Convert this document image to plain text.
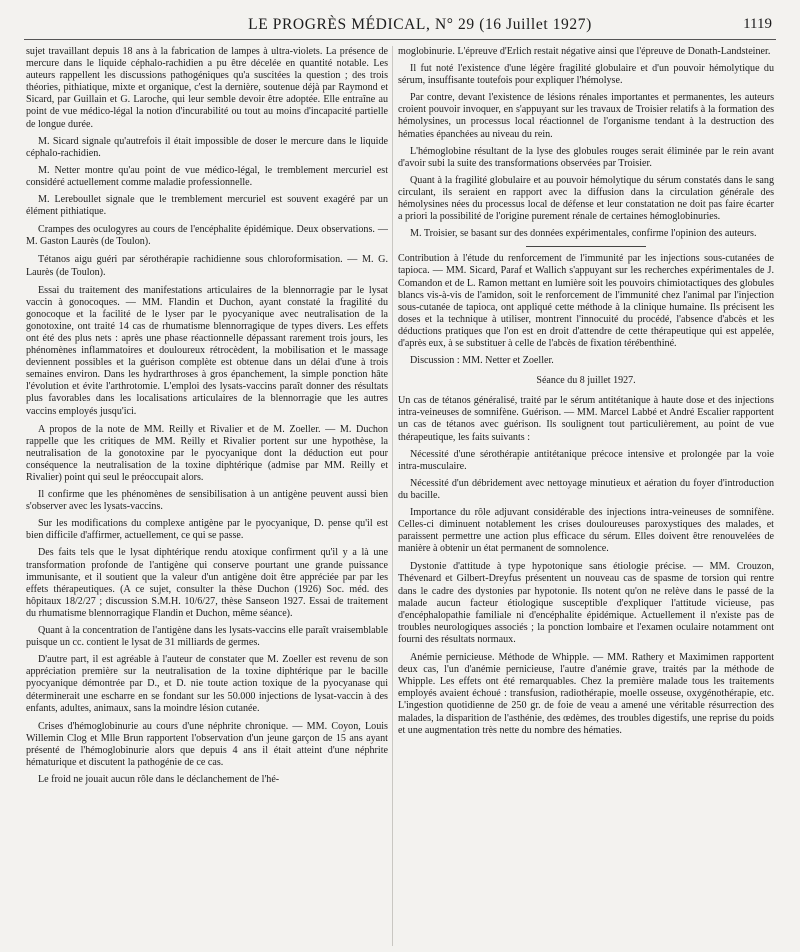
LE PROGRÈS MÉDICAL, N° 29 (16 Juillet 1927)	1119

sujet travaillant depuis 18 ans à la fabrication de lampes à ultra-violets. La présence de mercure dans le liquide céphalo-rachidien a pu être décelée en quantité notable. Les auteurs rappellent les discussions pathogéniques qu'a suscitées la question ; des trois théories, pithiatique, mixte et organique, c'est la dernière, soutenue déjà par Raymond et Sicard, par Guillain et G. Laroche, qui leur semble devoir être adoptée. Elle entraîne au point de vue médico-légal la notion d'incurabilité ou tout au moins d'incapacité partielle de longue durée.

M. Sicard signale qu'autrefois il était impossible de doser le mercure dans le liquide céphalo-rachidien.

M. Netter montre qu'au point de vue médico-légal, le tremblement mercuriel est considéré actuellement comme maladie professionnelle.

M. Lereboullet signale que le tremblement mercuriel est souvent exagéré par un élément pithiatique.

Crampes des oculogyres au cours de l'encéphalite épidémique. Deux observations. — M. Gaston Laurès (de Toulon).

Tétanos aigu guéri par sérothérapie rachidienne sous chloroformisation. — M. G. Laurès (de Toulon).

Essai du traitement des manifestations articulaires de la blennorragie par le lysat vaccin à gonocoques. — MM. Flandin et Duchon, ayant constaté la fragilité du gonocoque et la facilité de le lyser par le pyocyanique avec neutralisation de la gonotoxine, ont traité 14 cas de rhumatisme blennorragique de types divers. Les effets ont été des plus nets : après une phase réactionnelle dépassant rarement trois jours, les phénomènes inflammatoires et douloureux rétrocèdent, la mobilisation et le massage deviennent possibles et la guérison complète est obtenue dans un délai d'une à trois semaines environ. Dans les hydrarthroses à gros épanchement, la simple ponction hâte l'évolution et évite l'arthrotomie. L'emploi des lysats-vaccins paraît donner des résultats plus favorables dans les localisations articulaires de la blennorragie que les autres vaccins employés jusqu'ici.

A propos de la note de MM. Reilly et Rivalier et de M. Zoeller. — M. Duchon rappelle que les critiques de MM. Reilly et Rivalier portent sur une hypothèse, la neutralisation de la gonotoxine par le pyocyanique dont la déduction eut pour conséquence la neutralisation de la toxine diphtérique (admise par MM. Reilly et Rivalier) point qui seul le préoccupait alors.

Il confirme que les phénomènes de sensibilisation à un antigène peuvent aussi bien s'observer avec les lysats-vaccins.

Sur les modifications du complexe antigène par le pyocyanique, D. pense qu'il est bien difficile d'affirmer, actuellement, ce qui se passe.

Des faits tels que le lysat diphtérique rendu atoxique confirment qu'il y a là une transformation profonde de l'antigène qui conserve pourtant une grande puissance immunisante, et il soutient que la valeur d'un antigène doit être appréciée par par les effets thérapeutiques. (A ce sujet, consulter la thèse Duchon (1926) Soc. méd. des hôpitaux 18/2/27 ; discussion S.M.H. 10/6/27, thèse Sanseon 1927. Essai de traitement du rhumatisme blennorragique Flandin et Duchon, même séance).

Quant à la concentration de l'antigène dans les lysats-vaccins elle paraît vraisemblable puisque un cc. contient le lysat de 31 milliards de germes.

D'autre part, il est agréable à l'auteur de constater que M. Zoeller est revenu de son appréciation première sur la neutralisation de la toxine diphtérique par le bacille pyocyanique démontrée par D., et D. nie toute action toxique de la pyocyanase qui déterminerait une escharre en se fondant sur les 50.000 injections de lysat-vaccin à des enfants, adultes, animaux, sans la moindre lésion cutanée.

Crises d'hémoglobinurie au cours d'une néphrite chronique. — MM. Coyon, Louis Willemin Clog et Mlle Brun rapportent l'observation d'un jeune garçon de 15 ans ayant présenté de l'hémoglobinurie alors que depuis 4 ans il était atteint d'une néphrite hématurique et discutent la pathogénie de ce cas.

Le froid ne jouait aucun rôle dans le déclanchement de l'hé-

moglobinurie. L'épreuve d'Erlich restait négative ainsi que l'épreuve de Donath-Landsteiner.

Il fut noté l'existence d'une légère fragilité globulaire et d'un pouvoir hémolytique du sérum, insuffisante toutefois pour expliquer l'hémolyse.

Par contre, devant l'existence de lésions rénales importantes et permanentes, les auteurs croient pouvoir invoquer, en s'appuyant sur les travaux de Troisier relatifs à la formation des hémolysines, un processus local réactionnel de l'organisme tendant à la destruction des hématies épanchées au niveau du rein.

L'hémoglobine résultant de la lyse des globules rouges serait éliminée par le rein avant d'avoir subi la suite des transformations observées par Troisier.

Quant à la fragilité globulaire et au pouvoir hémolytique du sérum constatés dans le sang circulant, ils seraient en rapport avec la diffusion dans la circulation générale des hémolysines nées du processus local de défense et leur constatation ne doit pas faire écarter a priori la possibilité de l'origine purement rénale de certaines hémoglobinuries.

M. Troisier, se basant sur des données expérimentales, confirme l'opinion des auteurs.

Contribution à l'étude du renforcement de l'immunité par les injections sous-cutanées de tapioca. — MM. Sicard, Paraf et Wallich s'appuyant sur les recherches expérimentales de J. Comandon et de L. Ramon mettant en lumière soit les pouvoirs chimiotactiques des globules blancs vis-à-vis de l'amidon, soit le renforcement de l'immunité chez l'animal par l'injection sous-cutanée de tapioca, ont appliqué cette méthode à la clinique humaine. Ils précisent les doses et la technique à utiliser, montrent l'innocuité du procédé, l'absence d'abcès et les déductions pratiques que l'on est en droit d'attendre de cette thérapeutique qui est appelée, d'après eux, à se substituer à celle de l'abcès de fixation térébenthiné.

Discussion : MM. Netter et Zoeller.

Séance du 8 juillet 1927.

Un cas de tétanos généralisé, traité par le sérum antitétanique à haute dose et des injections intra-veineuses de somnifène. Guérison. — MM. Marcel Labbé et André Escalier rapportent un cas de tétanos avec guérison. Ils soulignent tout particulièrement, au point de vue thérapeutique, les faits suivants :

Nécessité d'une sérothérapie antitétanique précoce intensive et prolongée par la voie intra-musculaire.

Nécessité d'un débridement avec nettoyage minutieux et aération du foyer d'introduction du bacille.

Importance du rôle adjuvant considérable des injections intra-veineuses de somnifène. Celles-ci diminuent notablement les crises douloureuses paroxystiques des malades, et paraissent permettre une action plus efficace du sérum. Elles doivent être renouvelées de manière à obtenir un état permanent de somnolence.

Dystonie d'attitude à type hypotonique sans étiologie précise. — MM. Crouzon, Thévenard et Gilbert-Dreyfus présentent un nouveau cas de spasme de torsion qui rentre dans le cadre des dystonies par hypotonie. Ils notent qu'on ne relève dans le passé de la malade aucun facteur étiologique susceptible d'expliquer l'attitude vicieuse, pas d'encéphalopathie familiale ni d'encéphalite épidémique. Actuellement il n'existe pas de troubles neurologiques associés ; la ponction lombaire et l'examen oculaire notamment ont fourni des résultats normaux.

Anémie pernicieuse. Méthode de Whipple. — MM. Rathery et Maximimen rapportent deux cas, l'un d'anémie pernicieuse, l'autre d'anémie grave, traités par la méthode de Whipple. Les effets ont été remarquables. Chez la première malade tous les traitements employés avaient échoué : transfusion, radiothérapie, moelle osseuse, oxygénothérapie, etc. L'ingestion quotidienne de 250 gr. de foie de veau a amené une véritable résurrection des malades, la disparition de l'asthénie, des œdèmes, des troubles digestifs, une reprise du poids et une augmentation très nette du nombre des hématies.
